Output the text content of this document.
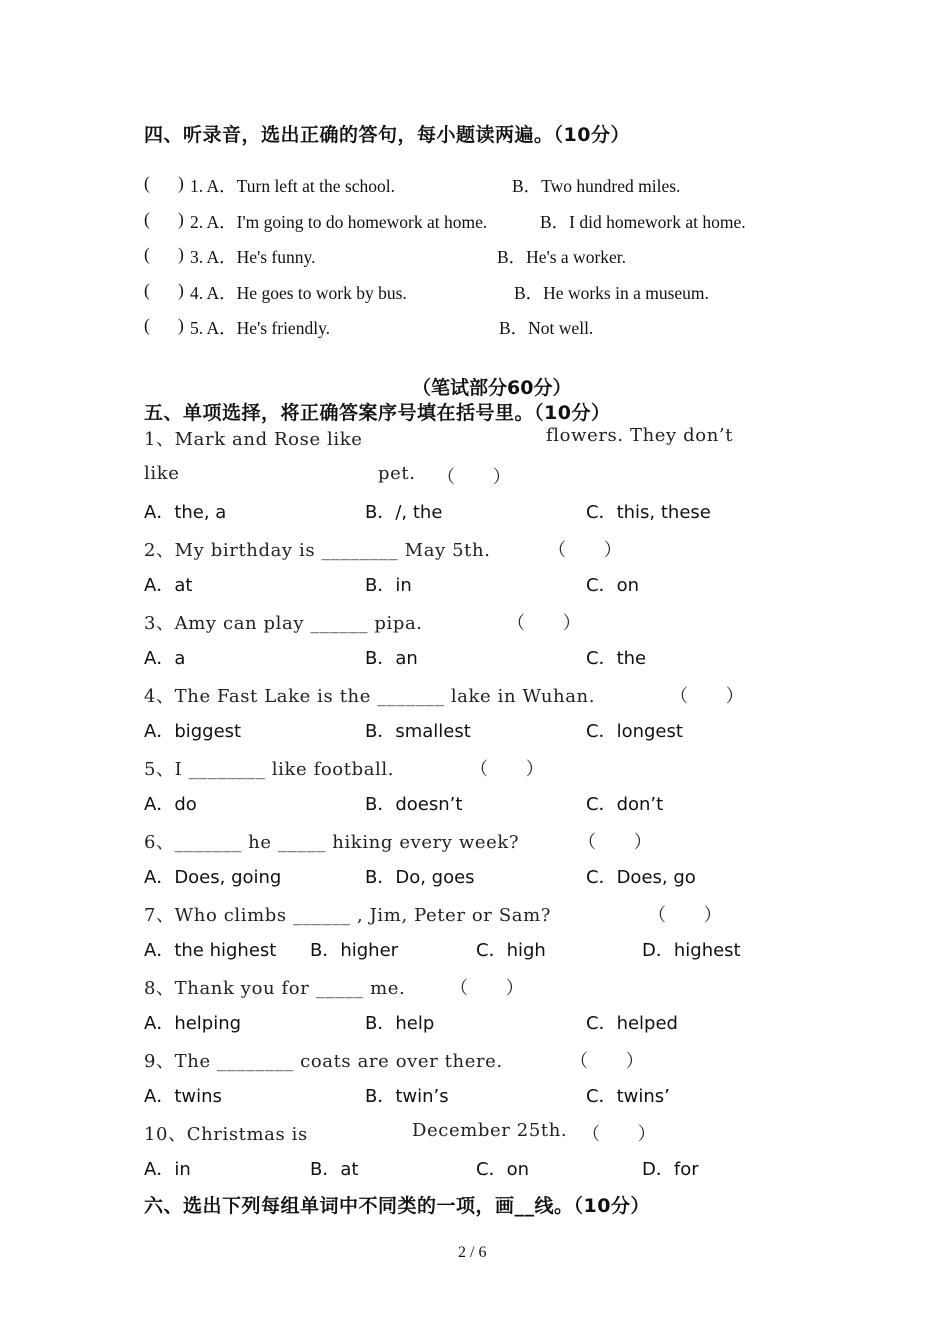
四、听录音，选出正确的答句，每小题读两遍。（10分）
( ) 1. A．Turn left at the school.	B．Two hundred miles.
( ) 2. A．I'm going to do homework at home.	B．I did homework at home.
( ) 3. A．He's funny.	B．He's a worker.
( ) 4. A．He goes to work by bus.	B．He works in a museum.
( ) 5. A．He's friendly.	B．Not well.
（笔试部分60分）
五、单项选择，将正确答案序号填在括号里。（10分）
1、Mark and Rose like	flowers. They don’t
like	pet. （　　）
A．the, a	B．/, the	C．this, these
2、My birthday is ________ May 5th.	（　　）
A．at	B．in	C．on
3、Amy can play ______ pipa.	（　　）
A．a	B．an	C．the
4、The Fast Lake is the _______ lake in Wuhan.	（　　）
A．biggest	B．smallest	C．longest
5、I ________ like football.	（　　）
A．do	B．doesn’t	C．don’t
6、_______ he _____ hiking every week?	（　　）
A．Does, going	B．Do, goes	C．Does, go
7、Who climbs ______ , Jim, Peter or Sam?	（　　）
A．the highest B．higher	C．high	D．highest
8、Thank you for _____ me. （　　）
A．helping	B．help	C．helped
9、The ________ coats are over there.	（　　）
A．twins	B．twin’s	C．twins’
10、Christmas is	December 25th. （　　）
A．in	B．at	C．on	D．for
六、选出下列每组单词中不同类的一项，画__线。（10分）
2 / 6
